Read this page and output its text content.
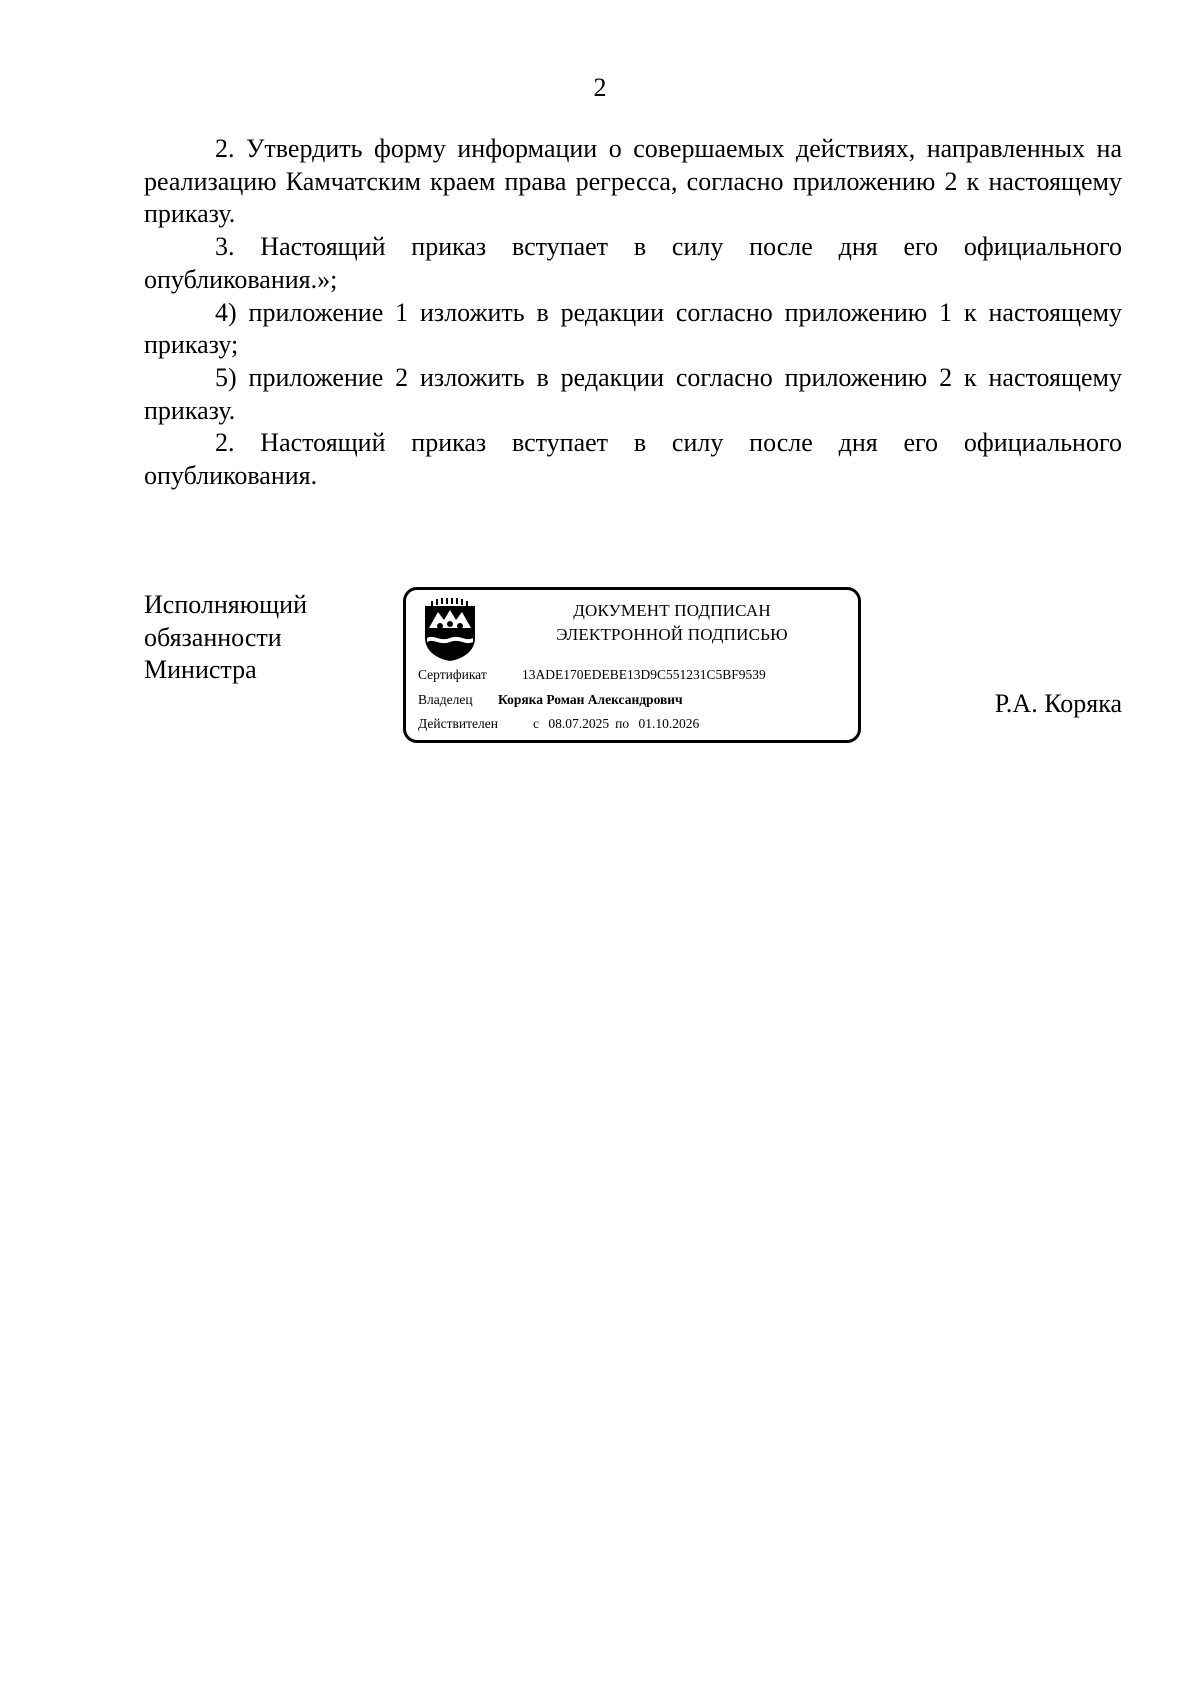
2

2. Утвердить форму информации о совершаемых действиях, направленных на реализацию Камчатским краем права регресса, согласно приложению 2 к настоящему приказу.

3. Настоящий приказ вступает в силу после дня его официального опубликования.»;

4) приложение 1 изложить в редакции согласно приложению 1 к настоящему приказу;

5) приложение 2 изложить в редакции согласно приложению 2 к настоящему приказу.

2. Настоящий приказ вступает в силу после дня его официального опубликования.

Исполняющий
обязанности
Министра
ДОКУМЕНТ ПОДПИСАН
ЭЛЕКТРОННОЙ ПОДПИСЬЮ
Сертификат	13ADE170EDEBE13D9C551231C5BF9539
Владелец Коряка Роман Александрович
Действителен	с 08.07.2025 по 01.10.2026
Р.А. Коряка
